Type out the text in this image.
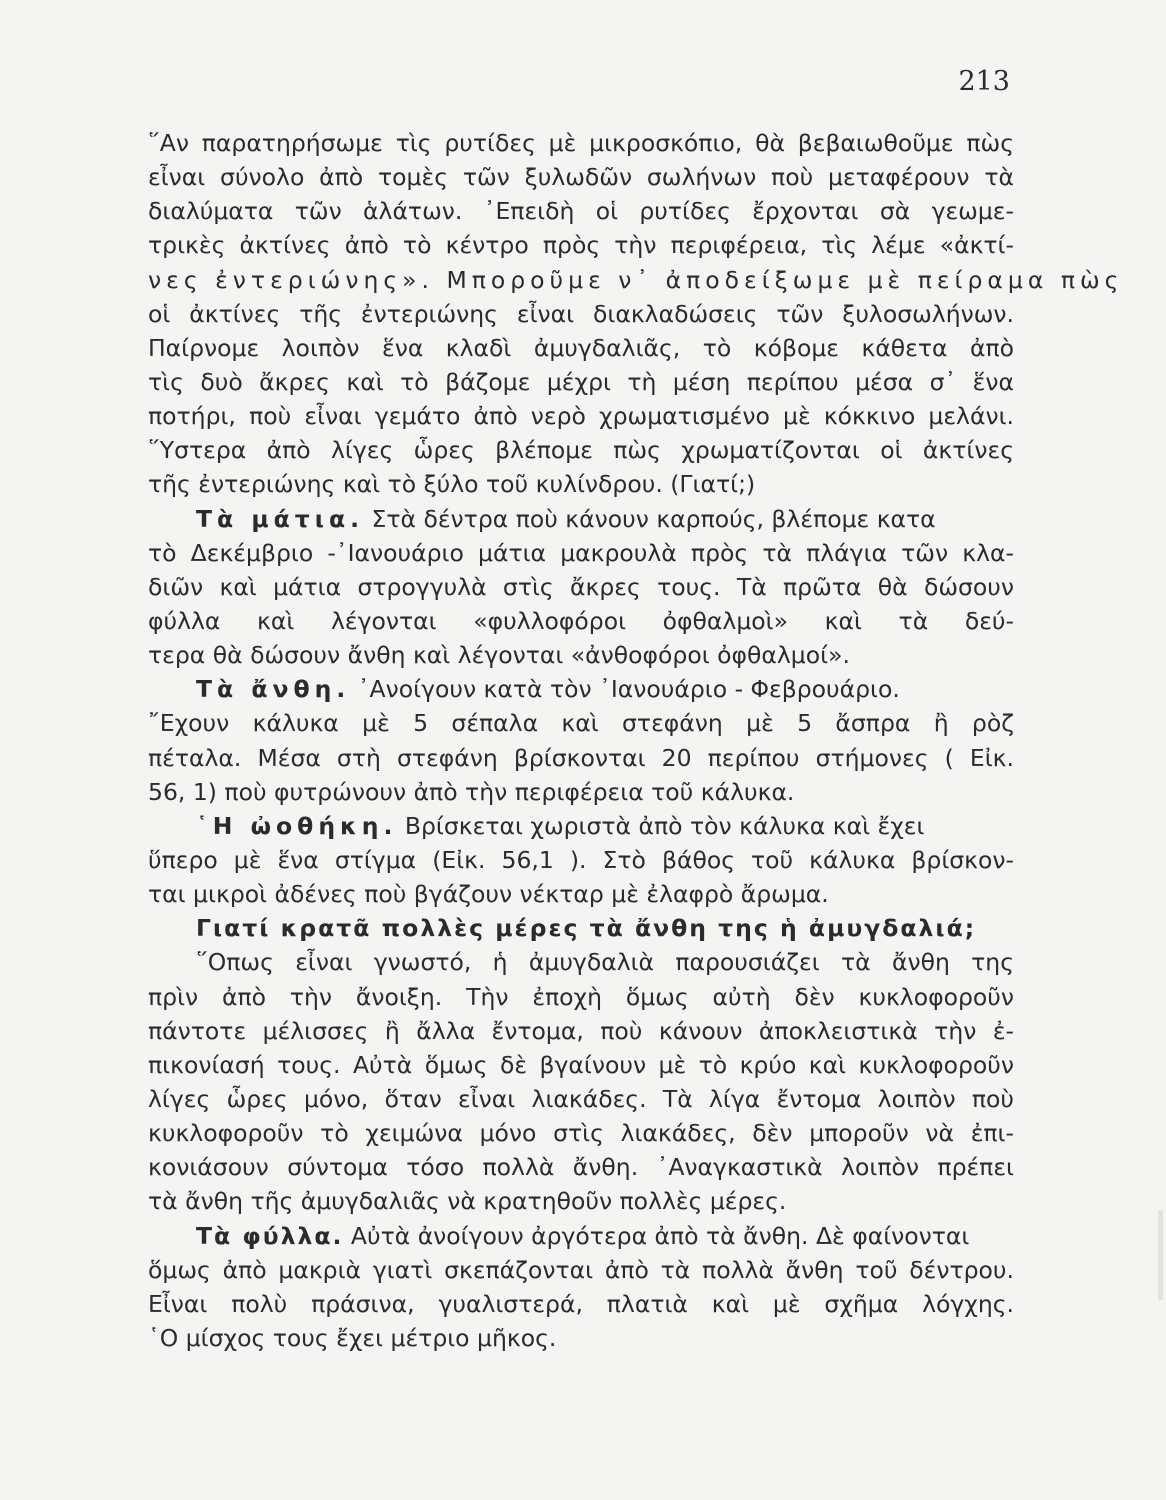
213
῞Αν παρατηρήσωμε τὶς ρυτίδες μὲ μικροσκόπιο, θὰ βεβαιωθοῦμε πὼς
εἶναι σύνολο ἀπὸ τομὲς τῶν ξυλωδῶν σωλήνων ποὺ μεταφέρουν τὰ
διαλύματα τῶν ἁλάτων. ᾿Επειδὴ οἱ ρυτίδες ἔρχονται σὰ γεωμε-
τρικὲς ἀκτίνες ἀπὸ τὸ κέντρο πρὸς τὴν περιφέρεια, τὶς λέμε «ἀκτί-
νες ἐντεριώνης». Μποροῦμε ν᾿ ἀποδείξωμε μὲ πείραμα πὼς
οἱ ἀκτίνες τῆς ἐντεριώνης εἶναι διακλαδώσεις τῶν ξυλοσωλήνων.
Παίρνομε λοιπὸν ἕνα κλαδὶ ἀμυγδαλιᾶς, τὸ κόβομε κάθετα ἀπὸ
τὶς δυὸ ἄκρες καὶ τὸ βάζομε μέχρι τὴ μέση περίπου μέσα σ᾿ ἕνα
ποτήρι, ποὺ εἶναι γεμάτο ἀπὸ νερὸ χρωματισμένο μὲ κόκκινο μελάνι.
῞Υστερα ἀπὸ λίγες ὧρες βλέπομε πὼς χρωματίζονται οἱ ἀκτίνες
τῆς ἐντεριώνης καὶ τὸ ξύλο τοῦ κυλίνδρου. (Γιατί;)
Τὰ μάτια. Στὰ δέντρα ποὺ κάνουν καρπούς, βλέπομε κατα
τὸ Δεκέμβριο -᾿Ιανουάριο μάτια μακρουλὰ πρὸς τὰ πλάγια τῶν κλα-
διῶν καὶ μάτια στρογγυλὰ στὶς ἄκρες τους. Τὰ πρῶτα θὰ δώσουν
φύλλα καὶ λέγονται «φυλλοφόροι ὀφθαλμοὶ» καὶ τὰ δεύ-
τερα θὰ δώσουν ἄνθη καὶ λέγονται «ἀνθοφόροι ὀφθαλμοί».
Τὰ ἄνθη. ᾿Ανοίγουν κατὰ τὸν ᾿Ιανουάριο - Φεβρουάριο.
῎Εχουν κάλυκα μὲ 5 σέπαλα καὶ στεφάνη μὲ 5 ἄσπρα ἢ ρὸζ
πέταλα. Μέσα στὴ στεφάνη βρίσκονται 20 περίπου στήμονες ( Εἰκ.
56, 1) ποὺ φυτρώνουν ἀπὸ τὴν περιφέρεια τοῦ κάλυκα.
῾Η ὠοθήκη. Βρίσκεται χωριστὰ ἀπὸ τὸν κάλυκα καὶ ἔχει
ὕπερο μὲ ἕνα στίγμα (Εἰκ. 56,1 ). Στὸ βάθος τοῦ κάλυκα βρίσκον-
ται μικροὶ ἀδένες ποὺ βγάζουν νέκταρ μὲ ἐλαφρὸ ἄρωμα.
Γιατί κρατᾶ πολλὲς μέρες τὰ ἄνθη της ἡ ἀμυγδαλιά;
῞Οπως εἶναι γνωστό, ἡ ἀμυγδαλιὰ παρουσιάζει τὰ ἄνθη της
πρὶν ἀπὸ τὴν ἄνοιξη. Τὴν ἐποχὴ ὅμως αὐτὴ δὲν κυκλοφοροῦν
πάντοτε μέλισσες ἢ ἄλλα ἔντομα, ποὺ κάνουν ἀποκλειστικὰ τὴν ἐ-
πικονίασή τους. Αὐτὰ ὅμως δὲ βγαίνουν μὲ τὸ κρύο καὶ κυκλοφοροῦν
λίγες ὧρες μόνο, ὅταν εἶναι λιακάδες. Τὰ λίγα ἔντομα λοιπὸν ποὺ
κυκλοφοροῦν τὸ χειμώνα μόνο στὶς λιακάδες, δὲν μποροῦν νὰ ἐπι-
κονιάσουν σύντομα τόσο πολλὰ ἄνθη. ᾿Αναγκαστικὰ λοιπὸν πρέπει
τὰ ἄνθη τῆς ἀμυγδαλιᾶς νὰ κρατηθοῦν πολλὲς μέρες.
Τὰ φύλλα. Αὐτὰ ἀνοίγουν ἀργότερα ἀπὸ τὰ ἄνθη. Δὲ φαίνονται
ὅμως ἀπὸ μακριὰ γιατὶ σκεπάζονται ἀπὸ τὰ πολλὰ ἄνθη τοῦ δέντρου.
Εἶναι πολὺ πράσινα, γυαλιστερά, πλατιὰ καὶ μὲ σχῆμα λόγχης.
῾Ο μίσχος τους ἔχει μέτριο μῆκος.
